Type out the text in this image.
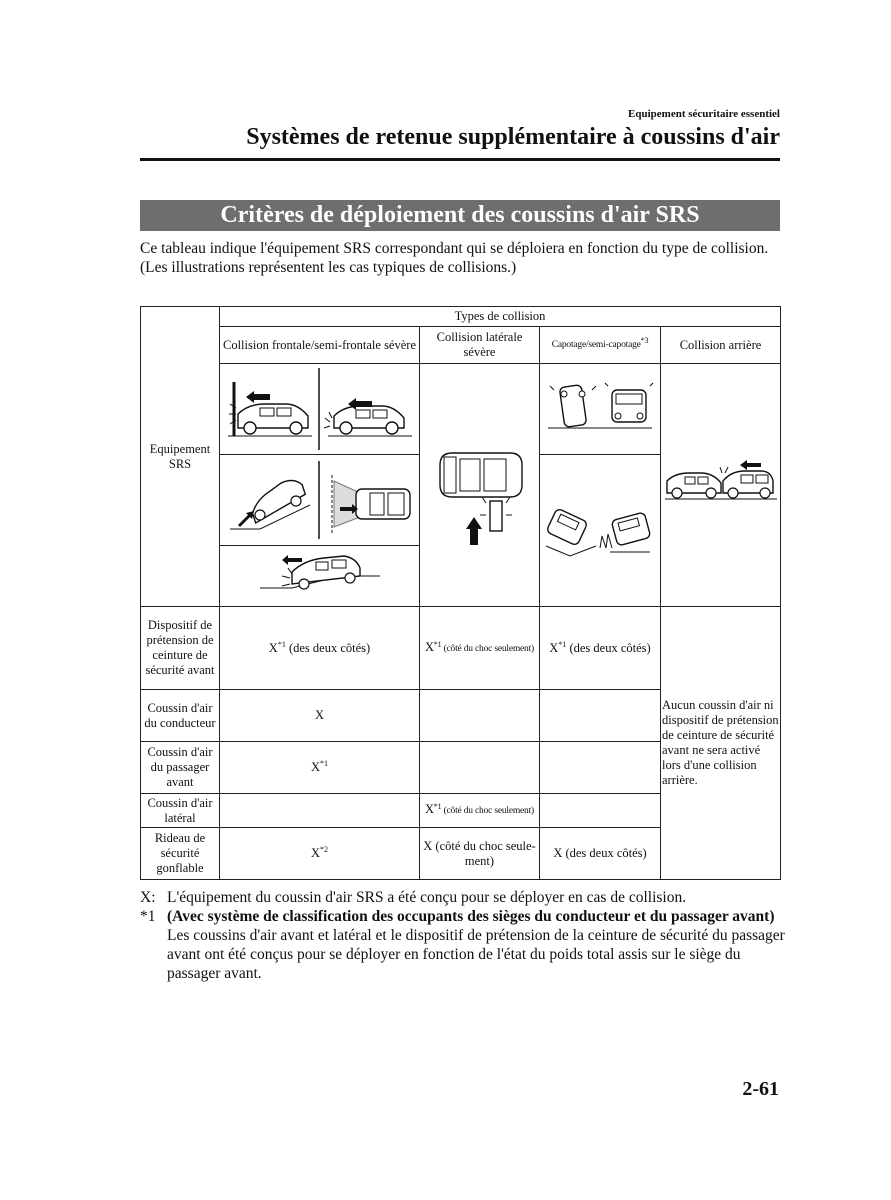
Equipement sécuritaire essentiel
Systèmes de retenue supplémentaire à coussins d'air
Critères de déploiement des coussins d'air SRS

Ce tableau indique l'équipement SRS correspondant qui se déploiera en fonction du type de collision.

(Les illustrations représentent les cas typiques de collisions.)

Equipement SRS	Types de collision			
	Collision frontale/semi-frontale sévère	Collision latérale sévère	Capotage/semi-capotage$^{*3}$	Collision arrière

Dispositif de prétension de ceinture de sécurité avant	$X^{*1}$ (des deux côtés)	$X^{*1}$ (côté du choc seulement)	$X^{*1}$ (des deux côtés)	Aucun coussin d'air ni dispositif de prétension de ceinture de sécurité avant ne sera activé lors d'une collision arrière.
Coussin d'air du conducteur	X			
Coussin d'air du passager avant	$X^{*1}$		
Coussin d'air latéral		$X^{*1}$ (côté du choc seulement)		
Rideau de sécurité gonflable	$X^{*2}$	X (côté du choc seule- ment)	X (des deux côtés)	
X: L'équipement du coussin d'air SRS a été conçu pour se déployer en cas de collision.
*1 (Avec système de classification des occupants des sièges du conducteur et du passager avant)
Les coussins d'air avant et latéral et le dispositif de prétension de la ceinture de sécurité du passager avant ont été conçus pour se déployer en fonction de l'état du poids total assis sur le siège du passager avant.
2-61
